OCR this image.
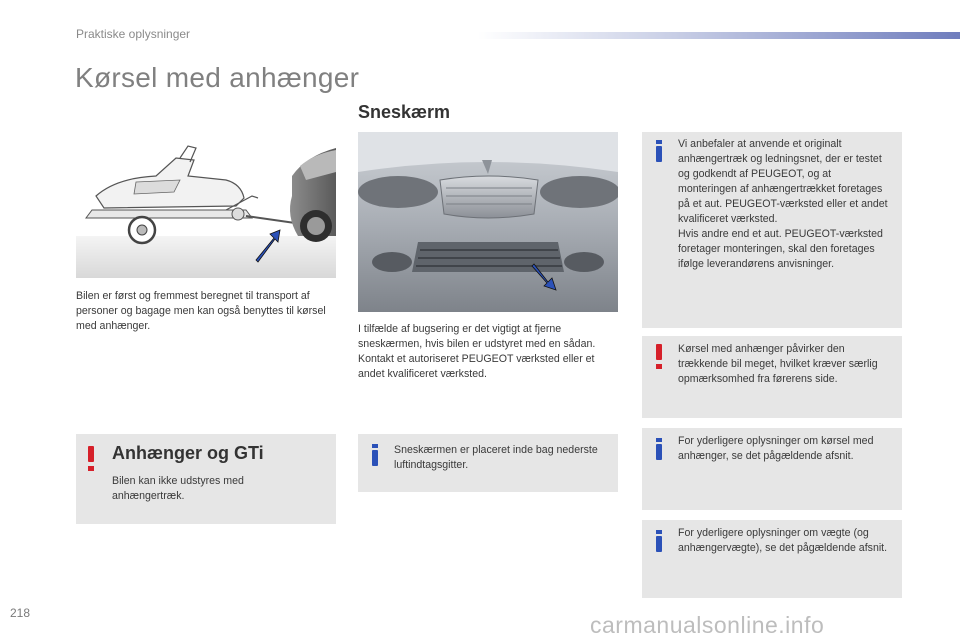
Praktiske oplysninger
Kørsel med anhænger
Bilen er først og fremmest beregnet til transport af personer og bagage men kan også benyttes til kørsel med anhænger.
Anhænger og GTi
Bilen kan ikke udstyres med anhængertræk.
Sneskærm
I tilfælde af bugsering er det vigtigt at fjerne sneskærmen, hvis bilen er udstyret med en sådan. Kontakt et autoriseret PEUGEOT værksted eller et andet kvalificeret værksted.
Sneskærmen er placeret inde bag nederste luftindtagsgitter.
Vi anbefaler at anvende et originalt anhængertræk og ledningsnet, der er testet og godkendt af PEUGEOT, og at monteringen af anhængertrækket foretages på et aut. PEUGEOT-værksted eller et andet kvalificeret værksted.
Hvis andre end et aut. PEUGEOT-værksted foretager monteringen, skal den foretages ifølge leverandørens anvisninger.
Kørsel med anhænger påvirker den trækkende bil meget, hvilket kræver særlig opmærksomhed fra førerens side.
For yderligere oplysninger om kørsel med anhænger, se det pågældende afsnit.
For yderligere oplysninger om vægte (og anhængervægte), se det pågældende afsnit.
218	carmanualsonline.info
